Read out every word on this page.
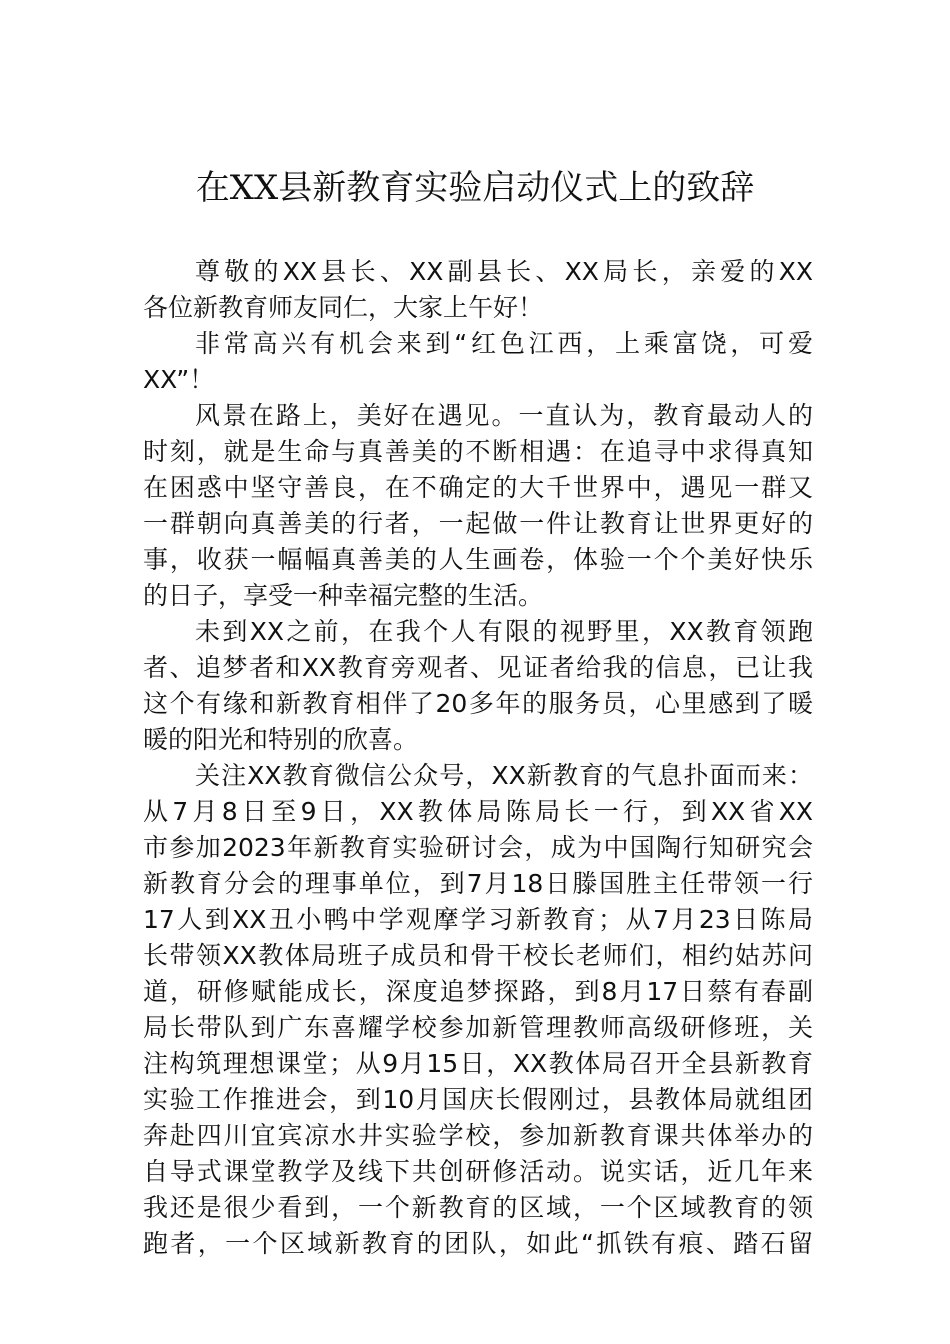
在XX县新教育实验启动仪式上的致辞
尊敬的XX县长、XX副县长、XX局长，亲爱的XX
各位新教育师友同仁，大家上午好！
非常高兴有机会来到“红色江西，上乘富饶，可爱
XX”！
风景在路上，美好在遇见。一直认为，教育最动人的
时刻，就是生命与真善美的不断相遇：在追寻中求得真知
在困惑中坚守善良，在不确定的大千世界中，遇见一群又
一群朝向真善美的行者，一起做一件让教育让世界更好的
事，收获一幅幅真善美的人生画卷，体验一个个美好快乐
的日子，享受一种幸福完整的生活。
未到XX之前，在我个人有限的视野里，XX教育领跑
者、追梦者和XX教育旁观者、见证者给我的信息，已让我
这个有缘和新教育相伴了20多年的服务员，心里感到了暖
暖的阳光和特别的欣喜。
关注XX教育微信公众号，XX新教育的气息扑面而来：
从7月8日至9日，XX教体局陈局长一行，到XX省XX
市参加2023年新教育实验研讨会，成为中国陶行知研究会
新教育分会的理事单位，到7月18日滕国胜主任带领一行
17人到XX丑小鸭中学观摩学习新教育；从7月23日陈局
长带领XX教体局班子成员和骨干校长老师们，相约姑苏问
道，研修赋能成长，深度追梦探路，到8月17日蔡有春副
局长带队到广东喜耀学校参加新管理教师高级研修班，关
注构筑理想课堂；从9月15日，XX教体局召开全县新教育
实验工作推进会，到10月国庆长假刚过，县教体局就组团
奔赴四川宜宾凉水井实验学校，参加新教育课共体举办的
自导式课堂教学及线下共创研修活动。说实话，近几年来
我还是很少看到，一个新教育的区域，一个区域教育的领
跑者，一个区域新教育的团队，如此“抓铁有痕、踏石留
